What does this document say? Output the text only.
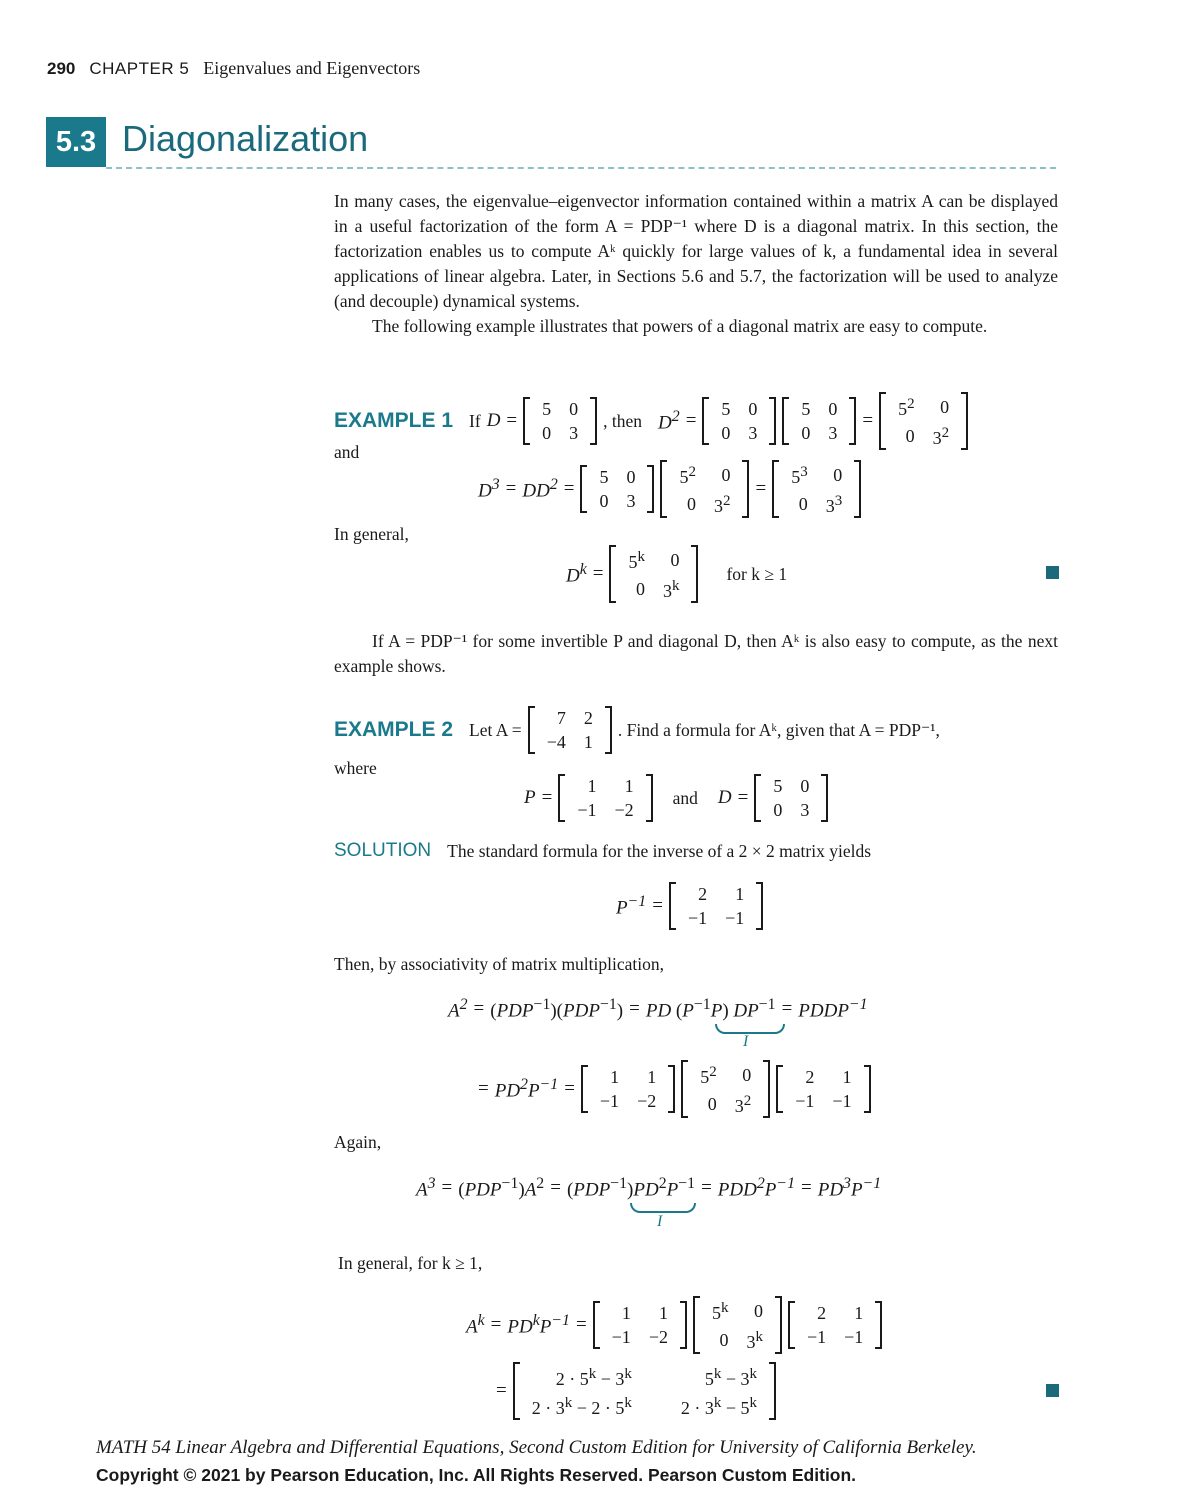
290 CHAPTER 5 Eigenvalues and Eigenvectors
5.3 Diagonalization
In many cases, the eigenvalue–eigenvector information contained within a matrix A can be displayed in a useful factorization of the form A = PDP⁻¹ where D is a diagonal matrix. In this section, the factorization enables us to compute Aᵏ quickly for large values of k, a fundamental idea in several applications of linear algebra. Later, in Sections 5.6 and 5.7, the factorization will be used to analyze (and decouple) dynamical systems.
The following example illustrates that powers of a diagonal matrix are easy to compute.
EXAMPLE 1 If D =
5	0
0	3
, then $D^2$ =
5	0
0	3
5	0
0	3
=
$5^2$	0
0	$3^2$
and
$D^3 = DD^2$ =
5	0
0	3
$5^2$	0
0	$3^2$
=
$5^3$	0
0	$3^3$
In general,
$D^k$ =
$5^k$	0
0	3$^k$
for k ≥ 1
If A = PDP⁻¹ for some invertible P and diagonal D, then Aᵏ is also easy to compute, as the next example shows.
EXAMPLE 2 Let A =
7	2
−4	1
. Find a formula for Aᵏ, given that A = PDP⁻¹,
where
P =
1	1
−1	−2
and D =
5	0
0	3
SOLUTION The standard formula for the inverse of a 2 × 2 matrix yields
$P^{-1}$ =
2	1
−1	−1
Then, by associativity of matrix multiplication,
$A^2 = (PDP^{-1})(PDP^{-1})$ = PD $(P^{-1}P) DP^{-1}$ = $PDDP^{-1}$
I
= $PD^2P^{-1}$ =
1	1
−1	−2
$5^2$	0
0	$3^2$
2	1
−1	−1
Again,
$A^3 = (PDP^{-1})A^2 = (PDP^{-1})PD^2P^{-1} = PDD^2P^{-1} = PD^3P^{-1}$
I
In general, for k ≥ 1,
$A^k = PD^kP^{-1}$ =
1	1
−1	−2
5$^k$	0
0	3$^k$
2	1
−1	−1
=
$2 \cdot 5^k - 3^k$	$5^k - 3^k$
$2 \cdot 3^k - 2 \cdot 5^k$	$2 \cdot 3^k - 5^k$
MATH 54 Linear Algebra and Differential Equations, Second Custom Edition for University of California Berkeley.
Copyright © 2021 by Pearson Education, Inc. All Rights Reserved. Pearson Custom Edition.
